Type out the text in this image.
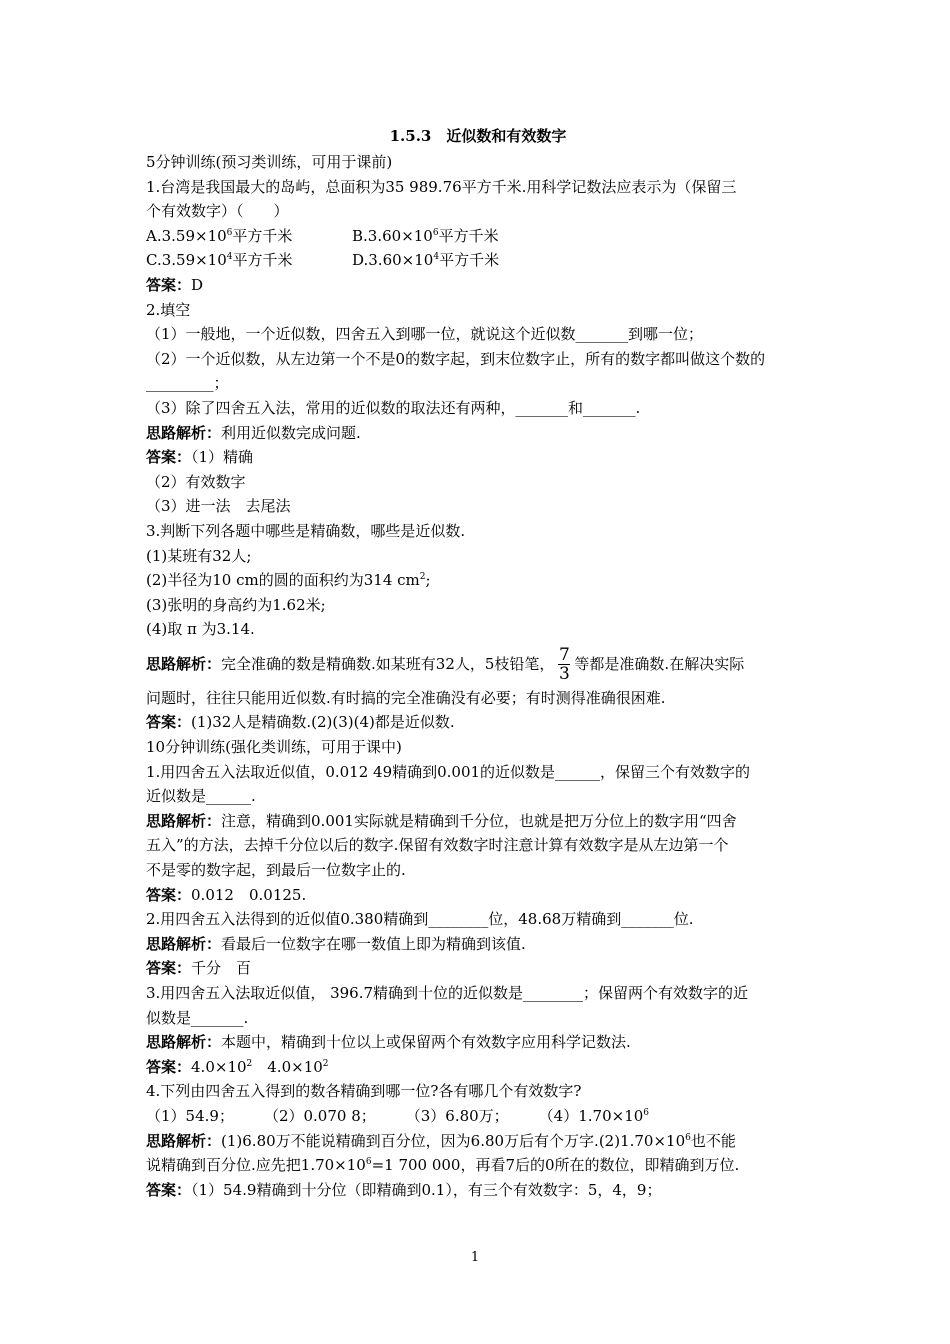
1.5.3　近似数和有效数字

5分钟训练(预习类训练，可用于课前)

1.台湾是我国最大的岛屿，总面积为35 989.76平方千米.用科学记数法应表示为（保留三

个有效数字）（　　）

$A.3.59\times 10^6$平方千米	$B.3.60\times 10^6$平方千米

$C.3.59\times 10^4$平方千米	$D.3.60\times 10^4$平方千米

答案：D

2.填空

（1）一般地，一个近似数，四舍五入到哪一位，就说这个近似数_______到哪一位；

（2）一个近似数，从左边第一个不是0的数字起，到末位数字止，所有的数字都叫做这个数的

_________；

（3）除了四舍五入法，常用的近似数的取法还有两种，_______和_______.

思路解析：利用近似数完成问题.

答案：（1）精确

（2）有效数字

（3）进一法　去尾法

3.判断下列各题中哪些是精确数，哪些是近似数.

(1)某班有32人;

(2)半径为10 cm的圆的面积约为314 $cm^2$;

(3)张明的身高约为1.62米;

(4)取 π 为3.14.

思路解析：完全准确的数是精确数.如某班有32人，5枝铅笔， $\frac{7}{3}$ 等都是准确数.在解决实际

问题时，往往只能用近似数.有时搞的完全准确没有必要；有时测得准确很困难.

答案：(1)32人是精确数.(2)(3)(4)都是近似数.

10分钟训练(强化类训练，可用于课中)

1.用四舍五入法取近似值，0.012 49精确到0.001的近似数是______，保留三个有效数字的

近似数是______.

思路解析：注意，精确到0.001实际就是精确到千分位，也就是把万分位上的数字用“四舍

五入”的方法，去掉千分位以后的数字.保留有效数字时注意计算有效数字是从左边第一个

不是零的数字起，到最后一位数字止的.

答案：0.012　0.0125.

2.用四舍五入法得到的近似值0.380精确到________位，48.68万精确到_______位.

思路解析：看最后一位数字在哪一数值上即为精确到该值.

答案：千分　百

3.用四舍五入法取近似值， 396.7精确到十位的近似数是________；保留两个有效数字的近

似数是_______.

思路解析：本题中，精确到十位以上或保留两个有效数字应用科学记数法.

答案：$4.0\times 10^2$　$4.0\times 10^2$

4.下列由四舍五入得到的数各精确到哪一位?各有哪几个有效数字?

（1）54.9；　　　（2）0.070 8；　　　（3）6.80万；　　　$(4)1.70\times 10^6$

思路解析：(1)6.80万不能说精确到百分位，因为6.80万后有个万字$.(2)1.70\times 10^6$也不能

说精确到百分位.应先把$1.70\times 10^6=1$ 700 000，再看7后的0所在的数位，即精确到万位.

答案：（1）54.9精确到十分位（即精确到0.1），有三个有效数字：5，4，9；

1
